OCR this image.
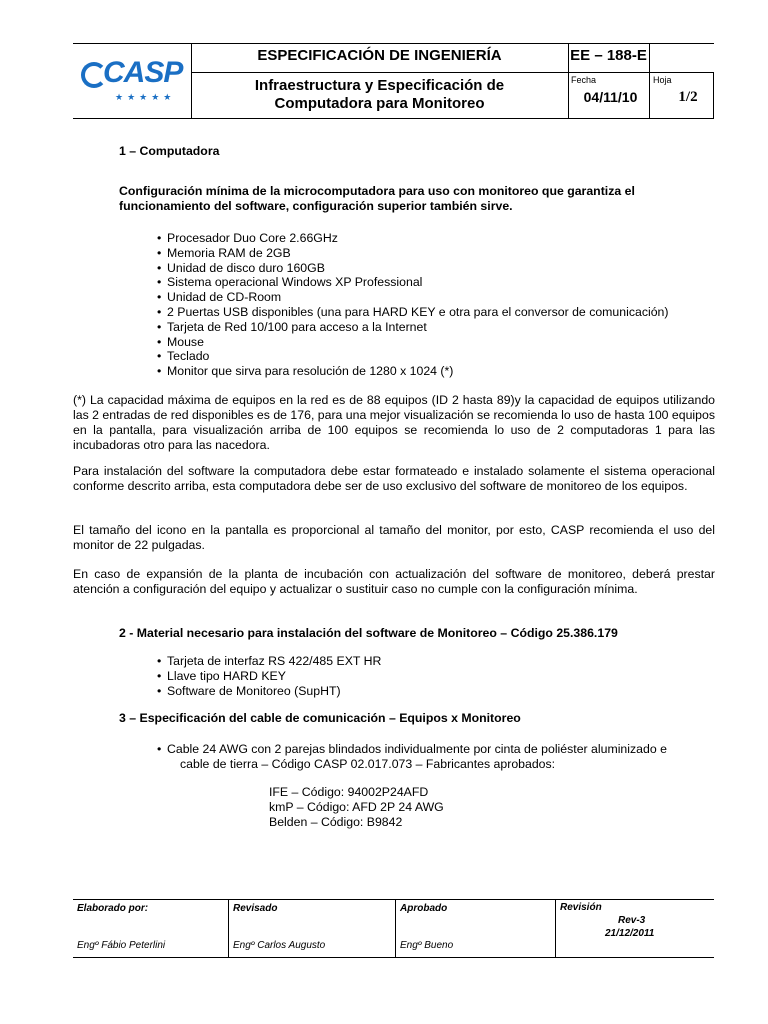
CASP
★★★★★
ESPECIFICACIÓN DE INGENIERÍA
Infraestructura y Especificación de
Computadora para Monitoreo
EE – 188-E
Fecha
04/11/10
Hoja
1/2
1 – Computadora
Configuración mínima de la microcomputadora para uso con monitoreo que garantiza el
funcionamiento del software, configuración superior también sirve.
• Procesador Duo Core 2.66GHz
• Memoria RAM de 2GB
• Unidad de disco duro 160GB
• Sistema operacional Windows XP Professional
• Unidad de CD-Room
• 2 Puertas USB disponibles (una para HARD KEY e otra para el conversor de comunicación)
• Tarjeta de Red 10/100 para acceso a la Internet
• Mouse
• Teclado
• Monitor que sirva para resolución de 1280 x 1024 (*)
(*) La capacidad máxima de equipos en la red es de 88 equipos (ID 2 hasta 89)y la capacidad de equipos utilizando las 2 entradas de red disponibles es de 176, para una mejor visualización se recomienda lo uso de hasta 100 equipos en la pantalla, para visualización arriba de 100 equipos se recomienda lo uso de 2 computadoras 1 para las incubadoras otro para las nacedora.
Para instalación del software la computadora debe estar formateado e instalado solamente el sistema operacional conforme descrito arriba, esta computadora debe ser de uso exclusivo del software de monitoreo de los equipos.
El tamaño del icono en la pantalla es proporcional al tamaño del monitor, por esto, CASP recomienda el uso del monitor de 22 pulgadas.
En caso de expansión de la planta de incubación con actualización del software de monitoreo, deberá prestar atención a configuración del equipo y actualizar o sustituir caso no cumple con la configuración mínima.
2 - Material necesario para instalación del software de Monitoreo – Código 25.386.179
• Tarjeta de interfaz RS 422/485 EXT HR
• Llave tipo HARD KEY
• Software de Monitoreo (SupHT)
3 – Especificación del cable de comunicación – Equipos x Monitoreo
• Cable 24 AWG con 2 parejas blindados individualmente por cinta de poliéster aluminizado e
cable de tierra – Código CASP 02.017.073 – Fabricantes aprobados:
IFE – Código: 94002P24AFD
kmP – Código: AFD 2P 24 AWG
Belden – Código: B9842
Elaborado por:
Engº Fábio Peterlini
Revisado
Engº Carlos Augusto
Aprobado
Engº Bueno
Revisión
Rev-3
21/12/2011
